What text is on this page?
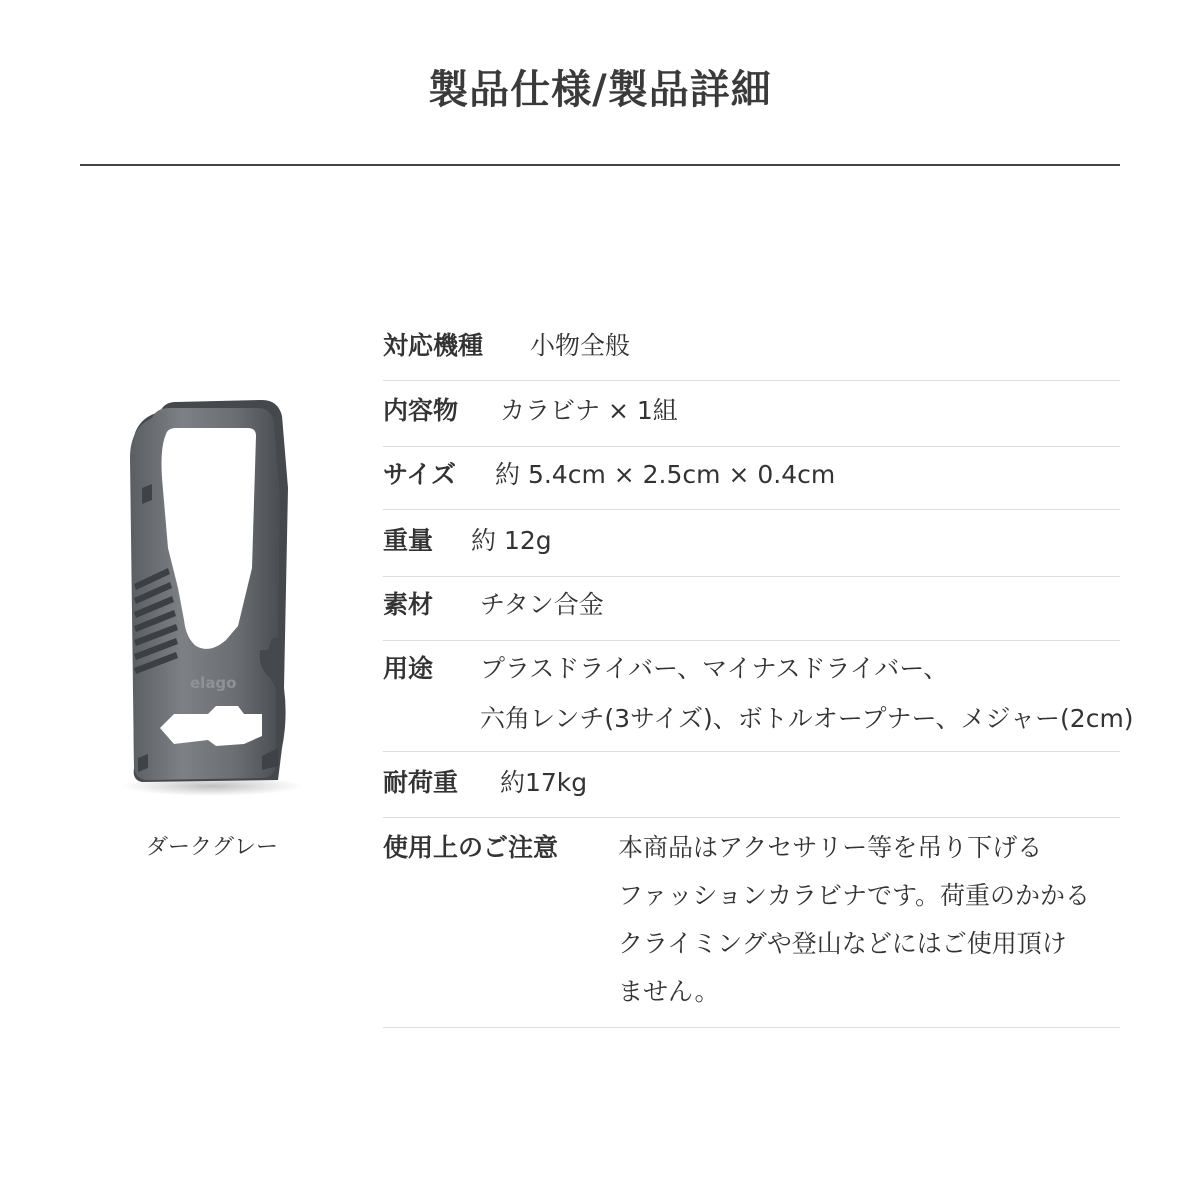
製品仕様/製品詳細
elago
ダークグレー
対応機種 小物全般
内容物 カラビナ × 1組
サイズ 約 5.4cm × 2.5cm × 0.4cm
重量 約 12g
素材 チタン合金
用途 プラスドライバー、マイナスドライバー、
六角レンチ(3サイズ)、ボトルオープナー、メジャー(2cm)
耐荷重 約17kg
使用上のご注意 本商品はアクセサリー等を吊り下げる
ファッションカラビナです。荷重のかかる
クライミングや登山などにはご使用頂け
ません。
